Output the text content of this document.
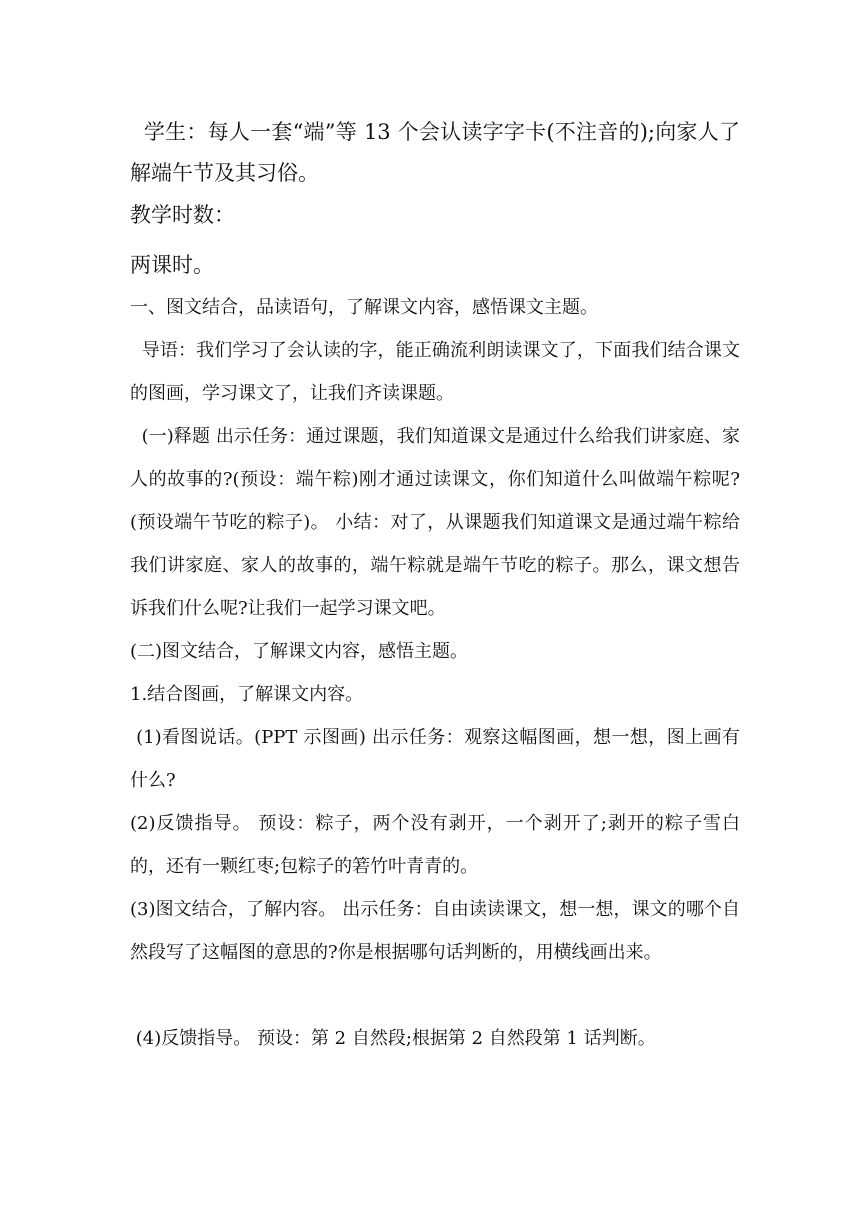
学生：每人一套“端”等 13 个会认读字字卡(不注音的);向家人了解端午节及其习俗。

教学时数：

两课时。

一、图文结合，品读语句，了解课文内容，感悟课文主题。

导语：我们学习了会认读的字，能正确流利朗读课文了，下面我们结合课文的图画，学习课文了，让我们齐读课题。

(一)释题 出示任务：通过课题，我们知道课文是通过什么给我们讲家庭、家人的故事的?(预设：端午粽)刚才通过读课文，你们知道什么叫做端午粽呢?(预设端午节吃的粽子)。 小结：对了，从课题我们知道课文是通过端午粽给我们讲家庭、家人的故事的，端午粽就是端午节吃的粽子。那么，课文想告诉我们什么呢?让我们一起学习课文吧。

(二)图文结合，了解课文内容，感悟主题。

1.结合图画，了解课文内容。

(1)看图说话。(PPT 示图画) 出示任务：观察这幅图画，想一想，图上画有什么?

(2)反馈指导。 预设：粽子，两个没有剥开，一个剥开了;剥开的粽子雪白的，还有一颗红枣;包粽子的箬竹叶青青的。

(3)图文结合，了解内容。 出示任务：自由读读课文，想一想，课文的哪个自然段写了这幅图的意思的?你是根据哪句话判断的，用横线画出来。

(4)反馈指导。 预设：第 2 自然段;根据第 2 自然段第 1 话判断。
